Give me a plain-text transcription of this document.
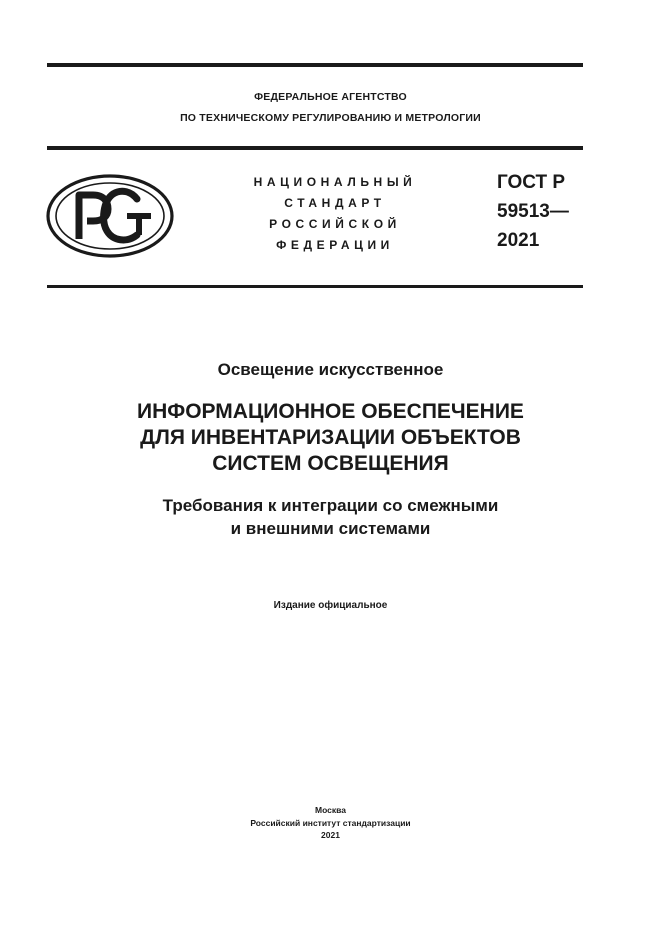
ФЕДЕРАЛЬНОЕ АГЕНТСТВО
ПО ТЕХНИЧЕСКОМУ РЕГУЛИРОВАНИЮ И МЕТРОЛОГИИ
НАЦИОНАЛЬНЫЙ
СТАНДАРТ
РОССИЙСКОЙ
ФЕДЕРАЦИИ
ГОСТ Р
59513—
2021
Освещение искусственное
ИНФОРМАЦИОННОЕ ОБЕСПЕЧЕНИЕ
ДЛЯ ИНВЕНТАРИЗАЦИИ ОБЪЕКТОВ
СИСТЕМ ОСВЕЩЕНИЯ
Требования к интеграции со смежными
и внешними системами
Издание официальное
Москва
Российский институт стандартизации
2021
